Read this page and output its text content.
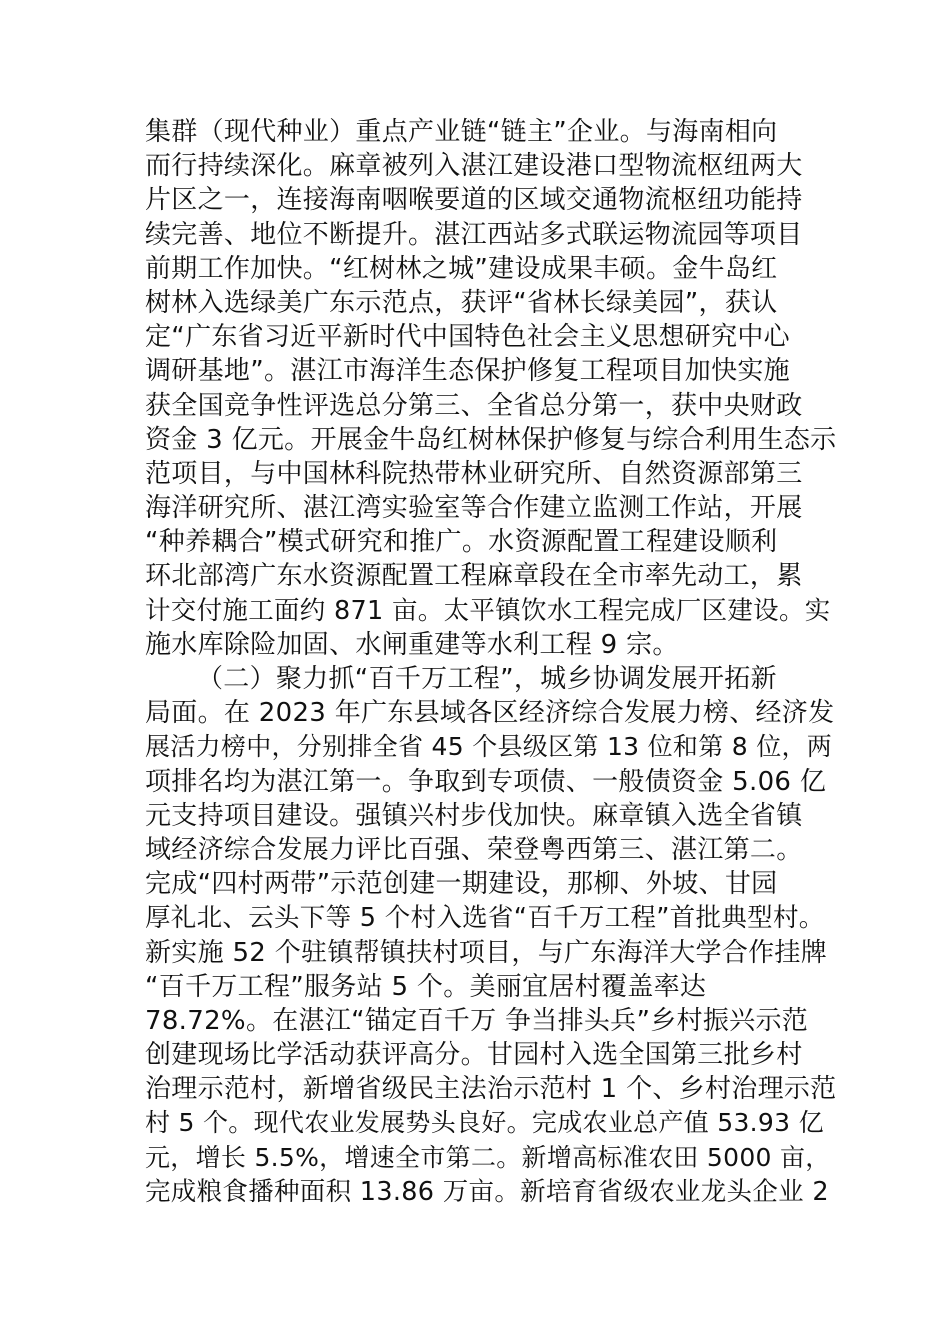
集群（现代种业）重点产业链“链主”企业。与海南相向
而行持续深化。麻章被列入湛江建设港口型物流枢纽两大
片区之一，连接海南咽喉要道的区域交通物流枢纽功能持
续完善、地位不断提升。湛江西站多式联运物流园等项目
前期工作加快。“红树林之城”建设成果丰硕。金牛岛红
树林入选绿美广东示范点，获评“省林长绿美园”，获认
定“广东省习近平新时代中国特色社会主义思想研究中心
调研基地”。湛江市海洋生态保护修复工程项目加快实施
获全国竞争性评选总分第三、全省总分第一，获中央财政
资金 3 亿元。开展金牛岛红树林保护修复与综合利用生态示
范项目，与中国林科院热带林业研究所、自然资源部第三
海洋研究所、湛江湾实验室等合作建立监测工作站，开展
“种养耦合”模式研究和推广。水资源配置工程建设顺利
环北部湾广东水资源配置工程麻章段在全市率先动工，累
计交付施工面约 871 亩。太平镇饮水工程完成厂区建设。实
施水库除险加固、水闸重建等水利工程 9 宗。
（二）聚力抓“百千万工程”，城乡协调发展开拓新
局面。在 2023 年广东县域各区经济综合发展力榜、经济发
展活力榜中，分别排全省 45 个县级区第 13 位和第 8 位，两
项排名均为湛江第一。争取到专项债、一般债资金 5.06 亿
元支持项目建设。强镇兴村步伐加快。麻章镇入选全省镇
域经济综合发展力评比百强、荣登粤西第三、湛江第二。
完成“四村两带”示范创建一期建设，那柳、外坡、甘园
厚礼北、云头下等 5 个村入选省“百千万工程”首批典型村。
新实施 52 个驻镇帮镇扶村项目，与广东海洋大学合作挂牌
“百千万工程”服务站 5 个。美丽宜居村覆盖率达
78.72%。在湛江“锚定百千万 争当排头兵”乡村振兴示范
创建现场比学活动获评高分。甘园村入选全国第三批乡村
治理示范村，新增省级民主法治示范村 1 个、乡村治理示范
村 5 个。现代农业发展势头良好。完成农业总产值 53.93 亿
元，增长 5.5%，增速全市第二。新增高标准农田 5000 亩，
完成粮食播种面积 13.86 万亩。新培育省级农业龙头企业 2
